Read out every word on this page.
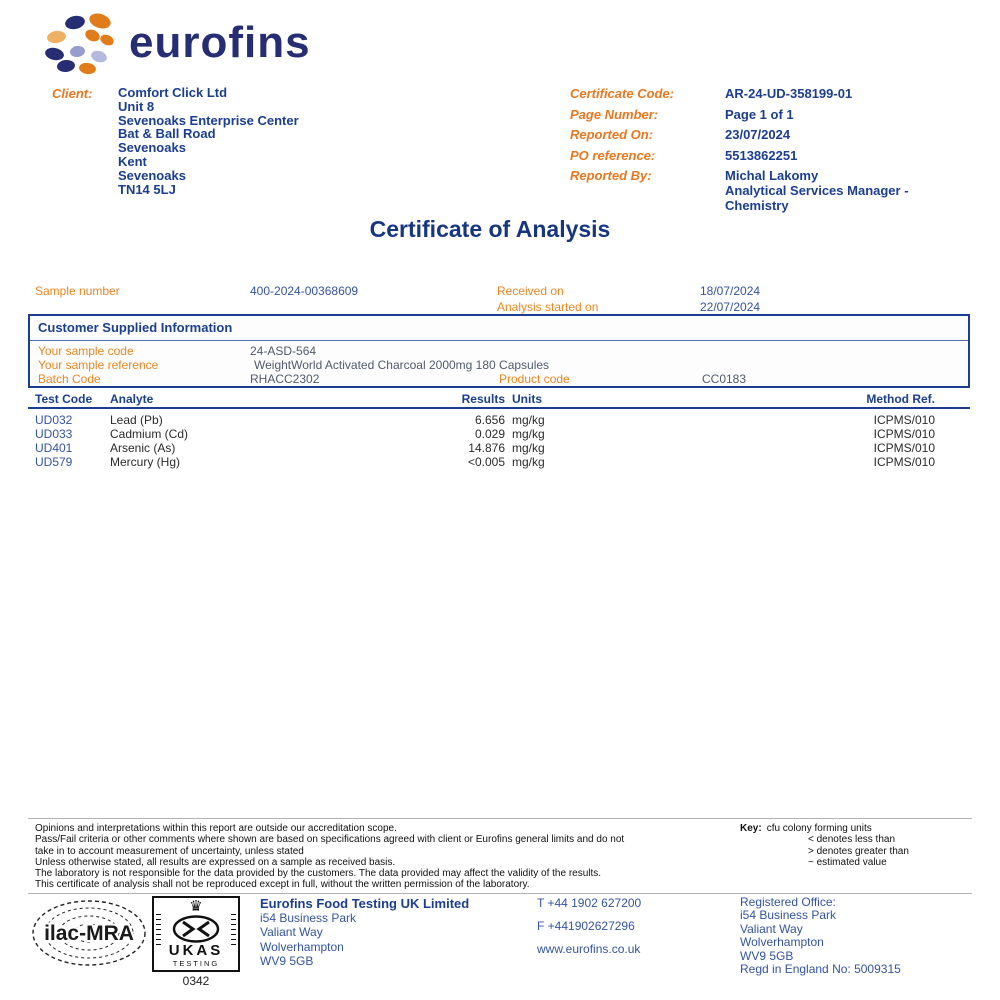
eurofins
Client:	Comfort Click Ltd
Unit 8
Sevenoaks Enterprise Center
Bat & Ball Road
Sevenoaks
Kent
Sevenoaks
TN14 5LJ
Certificate Code:	AR-24-UD-358199-01
Page Number:	Page 1 of 1
Reported On:	23/07/2024
PO reference:	5513862251
Reported By:	Michal Lakomy
Analytical Services Manager - Chemistry
Certificate of Analysis
Sample number	400-2024-00368609	Received on	18/07/2024
Analysis started on	22/07/2024
Customer Supplied Information
Your sample code	24-ASD-564
Your sample reference	WeightWorld Activated Charcoal 2000mg 180 Capsules
Batch Code	RHACC2302	Product code	CC0183
Test Code Analyte	Results Units	Method Ref.
UD032	Lead (Pb)	6.656 mg/kg	ICPMS/010
UD033	Cadmium (Cd)	0.029 mg/kg	ICPMS/010
UD401	Arsenic (As)	14.876 mg/kg	ICPMS/010
UD579	Mercury (Hg)	<0.005 mg/kg	ICPMS/010
Opinions and interpretations within this report are outside our accreditation scope.
Pass/Fail criteria or other comments where shown are based on specifications agreed with client or Eurofins general limits and do not
take in to account measurement of uncertainty, unless stated
Unless otherwise stated, all results are expressed on a sample as received basis.
The laboratory is not responsible for the data provided by the customers. The data provided may affect the validity of the results.
This certificate of analysis shall not be reproduced except in full, without the written permission of the laboratory.
Key: cfu colony forming units
< denotes less than
> denotes greater than
~ estimated value
ilac-MRA
♛
UKAS
TESTING
0342
Eurofins Food Testing UK Limited
i54 Business Park
Valiant Way
Wolverhampton
WV9 5GB
T +44 1902 627200
F +441902627296
www.eurofins.co.uk
Registered Office:
i54 Business Park
Valiant Way
Wolverhampton
WV9 5GB
Regd in England No: 5009315
